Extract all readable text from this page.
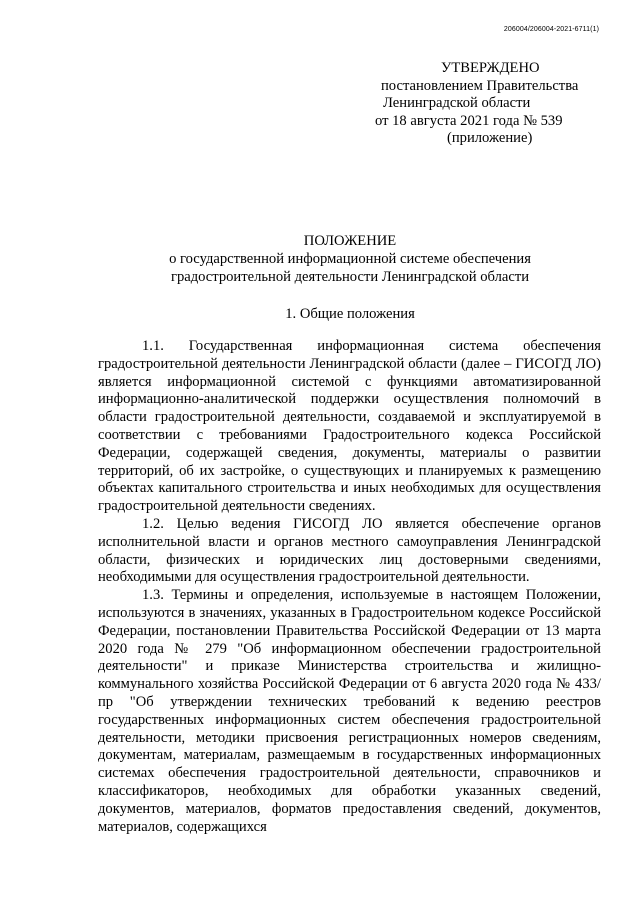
206004/206004-2021-6711(1)
УТВЕРЖДЕНО
постановлением Правительства
Ленинградской области
от 18 августа 2021 года № 539
(приложение)
ПОЛОЖЕНИЕ
о государственной информационной системе обеспечения
градостроительной деятельности Ленинградской области
1. Общие положения

1.1. Государственная информационная система обеспечения градостроительной деятельности Ленинградской области (далее – ГИСОГД ЛО) является информационной системой с функциями автоматизированной информационно-аналитической поддержки осуществления полномочий в области градостроительной деятельности, создаваемой и эксплуатируемой в соответствии с требованиями Градостроительного кодекса Российской Федерации, содержащей сведения, документы, материалы о развитии территорий, об их застройке, о существующих и планируемых к размещению объектах капитального строительства и иных необходимых для осуществления градостроительной деятельности сведениях.

1.2. Целью ведения ГИСОГД ЛО является обеспечение органов исполнительной власти и органов местного самоуправления Ленинградской области, физических и юридических лиц достоверными сведениями, необходимыми для осуществления градостроительной деятельности.

1.3. Термины и определения, используемые в настоящем Положении, используются в значениях, указанных в Градостроительном кодексе Российской Федерации, постановлении Правительства Российской Федерации от 13 марта 2020 года № 279 "Об информационном обеспечении градостроительной деятельности" и приказе Министерства строительства и жилищно-коммунального хозяйства Российской Федерации от 6 августа 2020 года № 433/пр "Об утверждении технических требований к ведению реестров государственных информационных систем обеспечения градостроительной деятельности, методики присвоения регистрационных номеров сведениям, документам, материалам, размещаемым в государственных информационных системах обеспечения градостроительной деятельности, справочников и классификаторов, необходимых для обработки указанных сведений, документов, материалов, форматов предоставления сведений, документов, материалов, содержащихся
